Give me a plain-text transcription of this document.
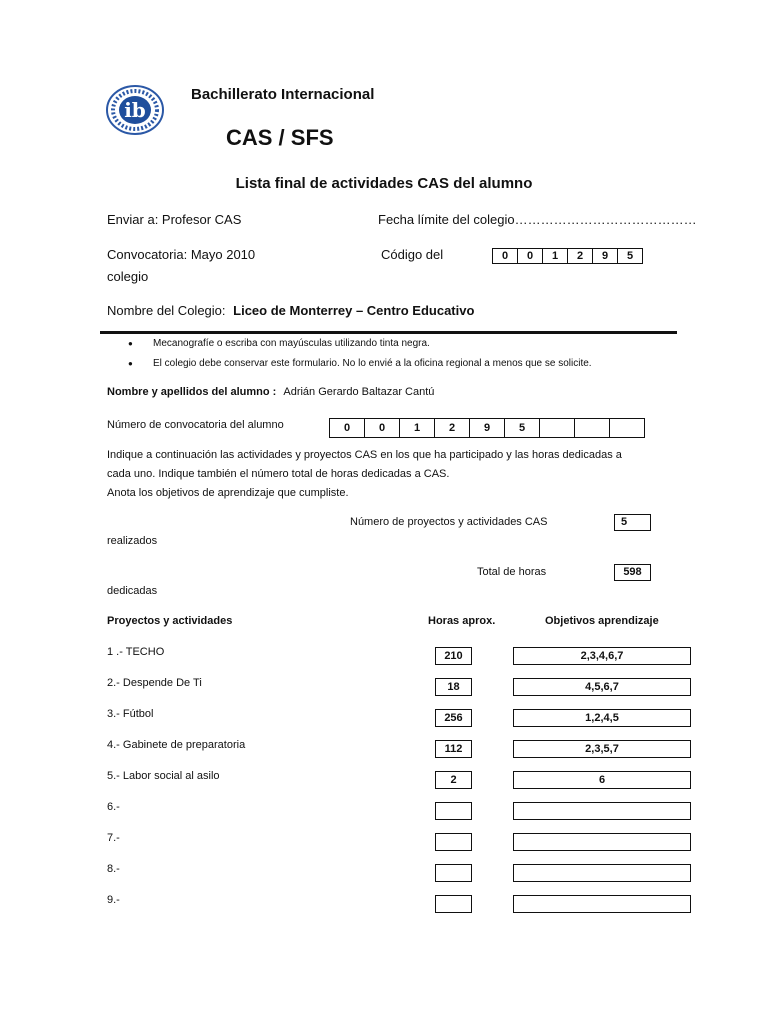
ib
Bachillerato Internacional
CAS / SFS
Lista final de actividades CAS del alumno
Enviar a: Profesor CAS	Fecha límite del colegio……………………………………
Convocatoria: Mayo 2010
colegio
Código del	0	0	1	2	9	5
Nombre del Colegio: Liceo de Monterrey – Centro Educativo
● Mecanografíe o escriba con mayúsculas utilizando tinta negra.
● El colegio debe conservar este formulario. No lo envié a la oficina regional a menos que se solicite.
Nombre y apellidos del alumno : Adrián Gerardo Baltazar Cantú
Número de convocatoria del alumno	0	0	1	2	9	5
Indique a continuación las actividades y proyectos CAS en los que ha participado y las horas dedicadas a
cada uno. Indique también el número total de horas dedicadas a CAS.
Anota los objetivos de aprendizaje que cumpliste.
Número de proyectos y actividades CAS	5
realizados
Total de horas	598
dedicadas
Proyectos y actividades	Horas aprox.	Objetivos aprendizaje
1 .- TECHO	210	2,3,4,6,7
2.- Despende De Ti	18	4,5,6,7
3.- Fútbol	256	1,2,4,5
4.- Gabinete de preparatoria	112	2,3,5,7
5.- Labor social al asilo	2	6
6.-
7.-
8.-
9.-
